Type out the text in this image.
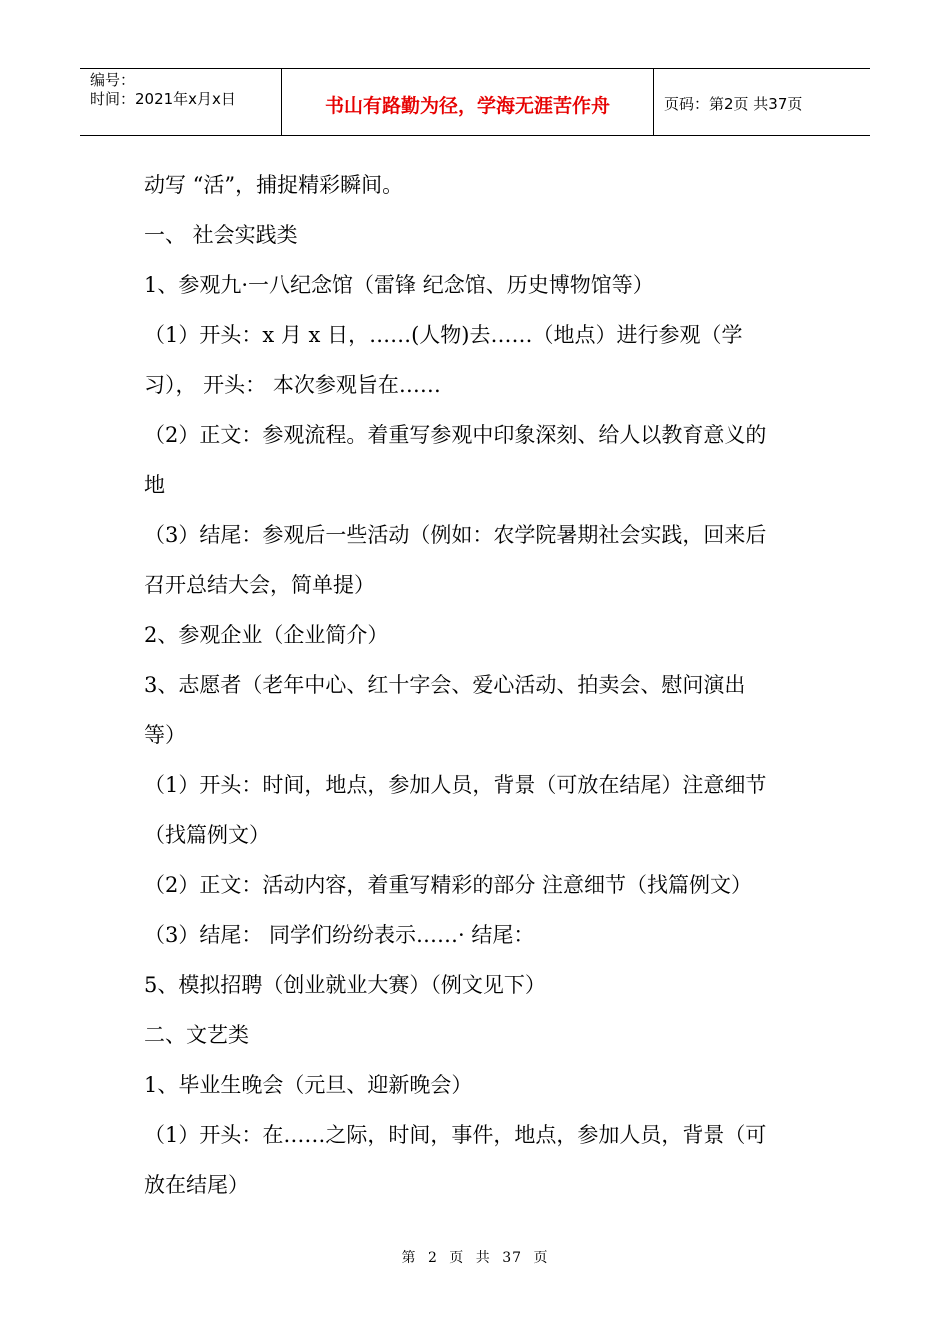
编号：
时间：2021年x月x日	书山有路勤为径，学海无涯苦作舟	页码：第2页 共37页

动写 “活”，捕捉精彩瞬间。

一、 社会实践类

1、参观九·一八纪念馆（雷锋 纪念馆、历史博物馆等）

（1）开头：x 月 x 日，……(人物)去……（地点）进行参观（学

习）， 开头： 本次参观旨在……

（2）正文：参观流程。着重写参观中印象深刻、给人以教育意义的

地

（3）结尾：参观后一些活动（例如：农学院暑期社会实践，回来后

召开总结大会，简单提）

2、参观企业（企业简介）

3、志愿者（老年中心、红十字会、爱心活动、拍卖会、慰问演出

等）

（1）开头：时间，地点，参加人员，背景（可放在结尾）注意细节

（找篇例文）

（2）正文：活动内容，着重写精彩的部分 注意细节（找篇例文）

（3）结尾： 同学们纷纷表示……· 结尾：

5、模拟招聘（创业就业大赛）（例文见下）

二、文艺类

1、毕业生晚会（元旦、迎新晚会）

（1）开头：在……之际，时间，事件，地点，参加人员，背景（可

放在结尾）

第 2 页 共 37 页
